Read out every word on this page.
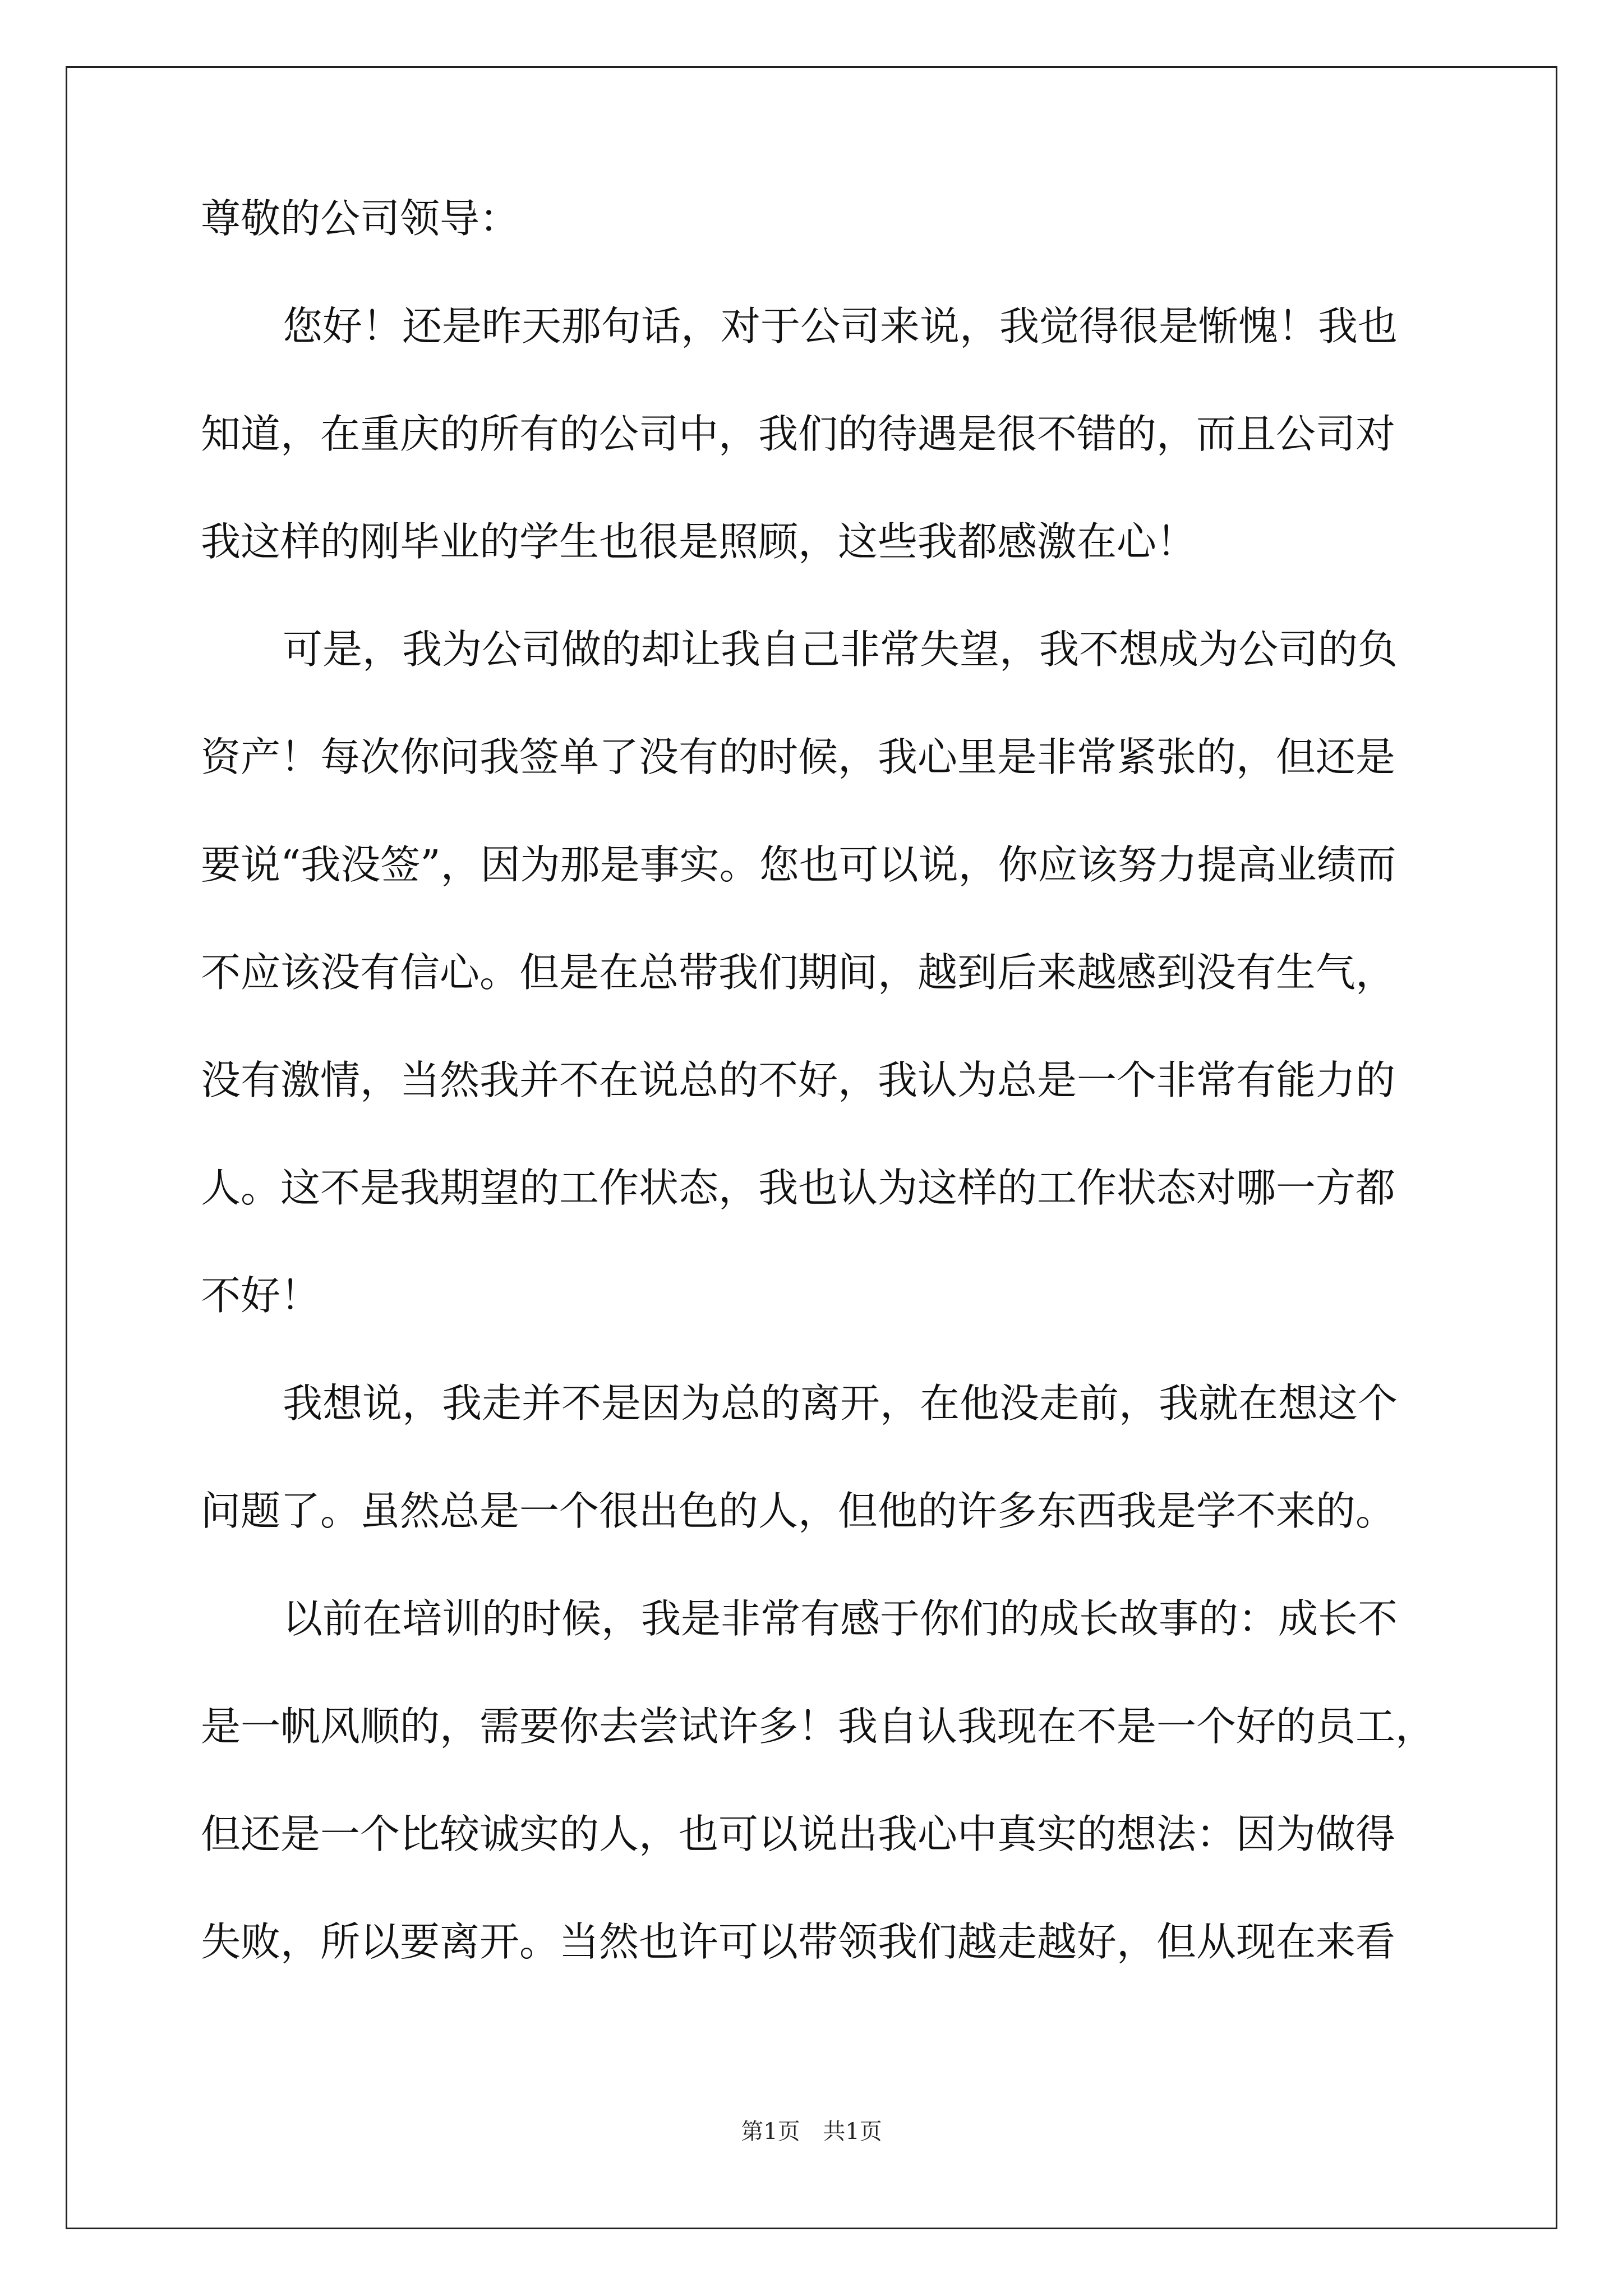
尊敬的公司领导：
您好！还是昨天那句话，对于公司来说，我觉得很是惭愧！我也
知道，在重庆的所有的公司中，我们的待遇是很不错的，而且公司对
我这样的刚毕业的学生也很是照顾，这些我都感激在心！
可是，我为公司做的却让我自己非常失望，我不想成为公司的负
资产！每次你问我签单了没有的时候，我心里是非常紧张的，但还是
要说“我没签”，因为那是事实。您也可以说，你应该努力提高业绩而
不应该没有信心。但是在总带我们期间，越到后来越感到没有生气，
没有激情，当然我并不在说总的不好，我认为总是一个非常有能力的
人。这不是我期望的工作状态，我也认为这样的工作状态对哪一方都
不好！
我想说，我走并不是因为总的离开，在他没走前，我就在想这个
问题了。虽然总是一个很出色的人，但他的许多东西我是学不来的。
以前在培训的时候，我是非常有感于你们的成长故事的：成长不
是一帆风顺的，需要你去尝试许多！我自认我现在不是一个好的员工，
但还是一个比较诚实的人，也可以说出我心中真实的想法：因为做得
失败，所以要离开。当然也许可以带领我们越走越好，但从现在来看
第1页 共1页
